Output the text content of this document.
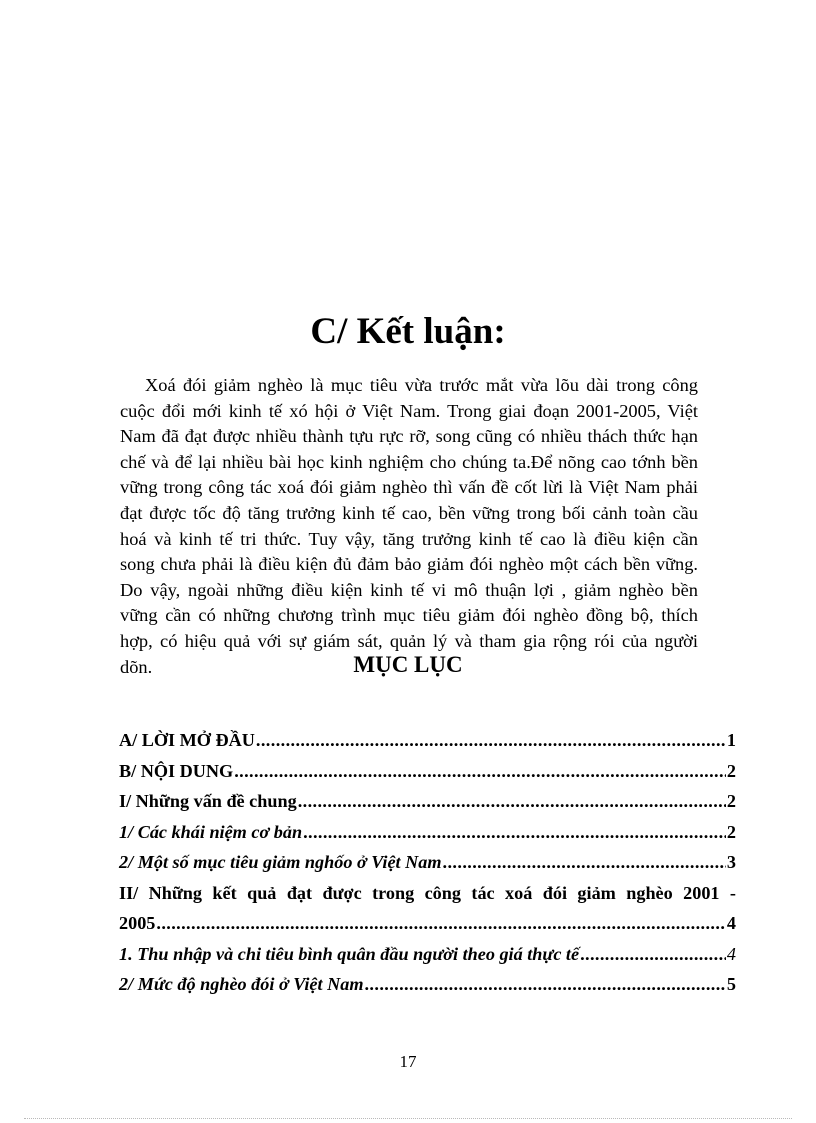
C/ Kết luận:
Xoá đói giảm nghèo là mục tiêu vừa trước mắt vừa lõu dài trong công
cuộc đổi mới kinh tế xó hội ở Việt Nam. Trong giai đoạn 2001-2005, Việt
Nam đã đạt được nhiều thành tựu rực rỡ, song cũng có nhiều thách thức hạn
chế và để lại nhiều bài học kinh nghiệm cho chúng ta.Để nõng cao tớnh bền
vững trong công tác xoá đói giảm nghèo thì vấn đề cốt lừi là Việt Nam phải
đạt được tốc độ tăng trưởng kinh tế cao, bền vững trong bối cảnh toàn cầu
hoá và kinh tế tri thức. Tuy vậy, tăng trưởng kinh tế cao là điều kiện cần
song chưa phải là điều kiện đủ đảm bảo giảm đói nghèo một cách bền vững.
Do vậy, ngoài những điều kiện kinh tế vi mô thuận lợi , giảm nghèo bền
vững cần có những chương trình mục tiêu giảm đói nghèo đồng bộ, thích
hợp, có hiệu quả với sự giám sát, quản lý và tham gia rộng rói của người
dõn.	MỤC LỤC
A/ LỜI MỞ ĐẦU .....	1
B/ NỘI DUNG .....	2
I/ Những vấn đề chung .....	2
1/ Các khái niệm cơ bản .....	2
2/ Một số mục tiêu giảm nghốo ở Việt Nam .....	3
II/ Những kết quả đạt được trong công tác xoá đói giảm nghèo 2001 -
2005 .....	4
1. Thu nhập và chi tiêu bình quân đầu người theo giá thực tế .....	4
2/ Mức độ nghèo đói ở Việt Nam .....	5
17
